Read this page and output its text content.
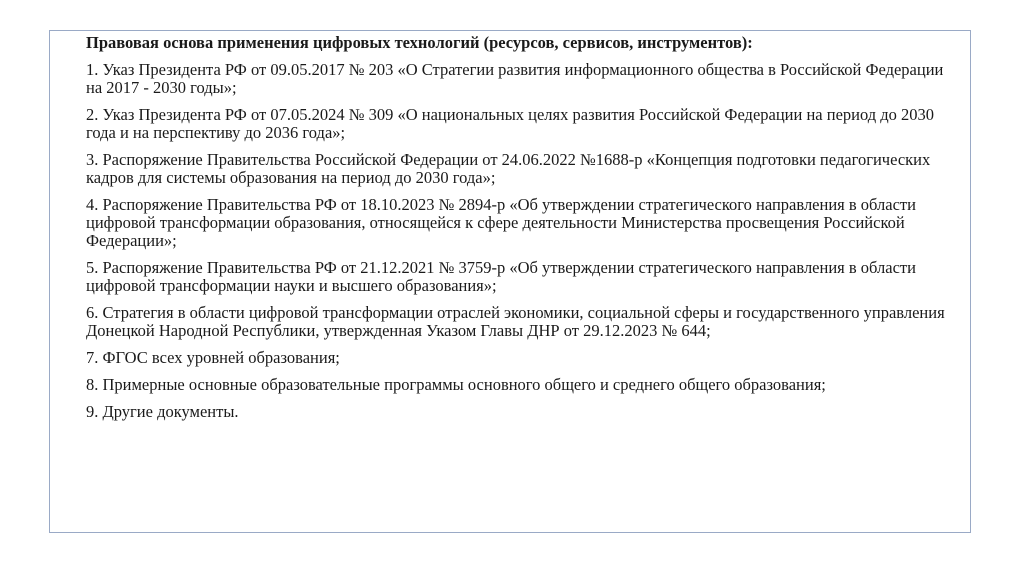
Правовая основа применения цифровых технологий (ресурсов, сервисов, инструментов):

1. Указ Президента РФ от 09.05.2017 № 203 «О Стратегии развития информационного общества в Российской Федерации на 2017 - 2030 годы»;

2. Указ Президента РФ от 07.05.2024 № 309 «О национальных целях развития Российской Федерации на период до 2030 года и на перспективу до 2036 года»;

3. Распоряжение Правительства Российской Федерации от 24.06.2022 №1688-р «Концепция подготовки педагогических кадров для системы образования на период до 2030 года»;

4. Распоряжение Правительства РФ от 18.10.2023 № 2894-р «Об утверждении стратегического направления в области цифровой трансформации образования, относящейся к сфере деятельности Министерства просвещения Российской Федерации»;

5. Распоряжение Правительства РФ от 21.12.2021 № 3759-р «Об утверждении стратегического направления в области цифровой трансформации науки и высшего образования»;

6. Стратегия в области цифровой трансформации отраслей экономики, социальной сферы и государственного управления Донецкой Народной Республики, утвержденная Указом Главы ДНР от 29.12.2023 № 644;

7. ФГОС всех уровней образования;

8. Примерные основные образовательные программы основного общего и среднего общего образования;

9. Другие документы.
